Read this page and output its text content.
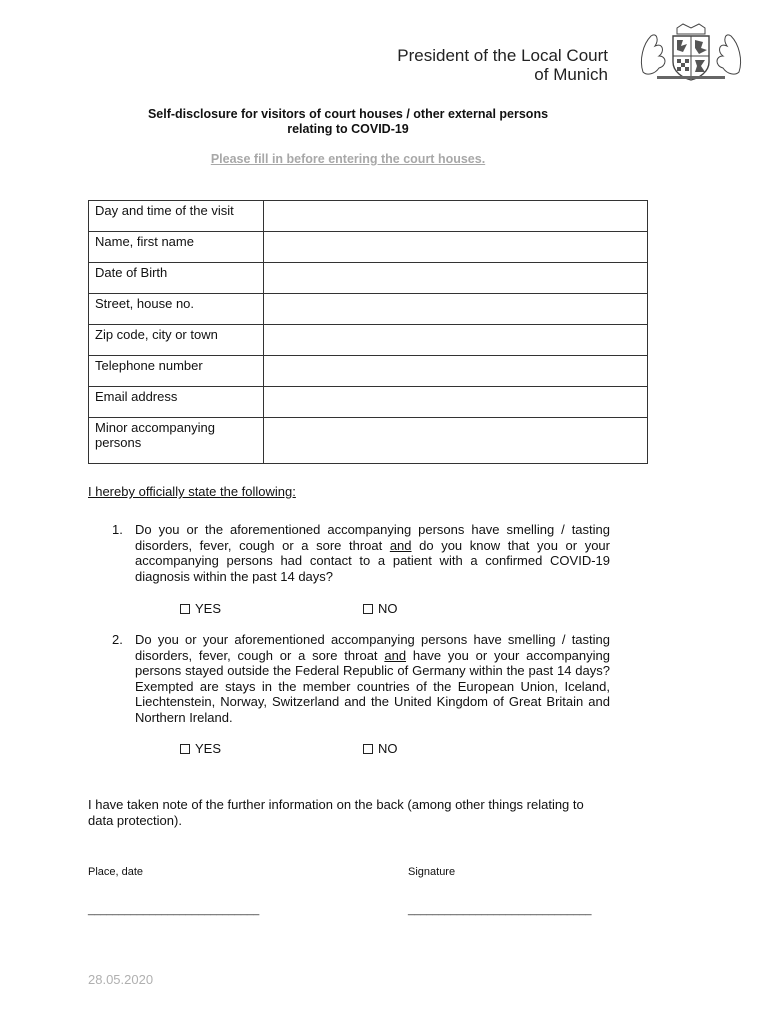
President of the Local Court
of Munich
Self-disclosure for visitors of court houses / other external persons
relating to COVID-19
Please fill in before entering the court houses.
Day and time of the visit	
Name, first name	
Date of Birth	
Street, house no.	
Zip code, city or town	
Telephone number	
Email address	
Minor accompanying persons	
I hereby officially state the following:
1. Do you or the aforementioned accompanying persons have smelling / tasting disorders, fever, cough or a sore throat and do you know that you or your accompanying persons had contact to a patient with a confirmed COVID-19 diagnosis within the past 14 days?
YES	NO
2. Do you or your aforementioned accompanying persons have smelling / tasting disorders, fever, cough or a sore throat and have you or your accompanying persons stayed outside the Federal Republic of Germany within the past 14 days? Exempted are stays in the member countries of the European Union, Iceland, Liechtenstein, Norway, Switzerland and the United Kingdom of Great Britain and Northern Ireland.
YES	NO
I have taken note of the further information on the back (among other things relating to data protection).
Place, date	Signature
____________________________	______________________________
28.05.2020
